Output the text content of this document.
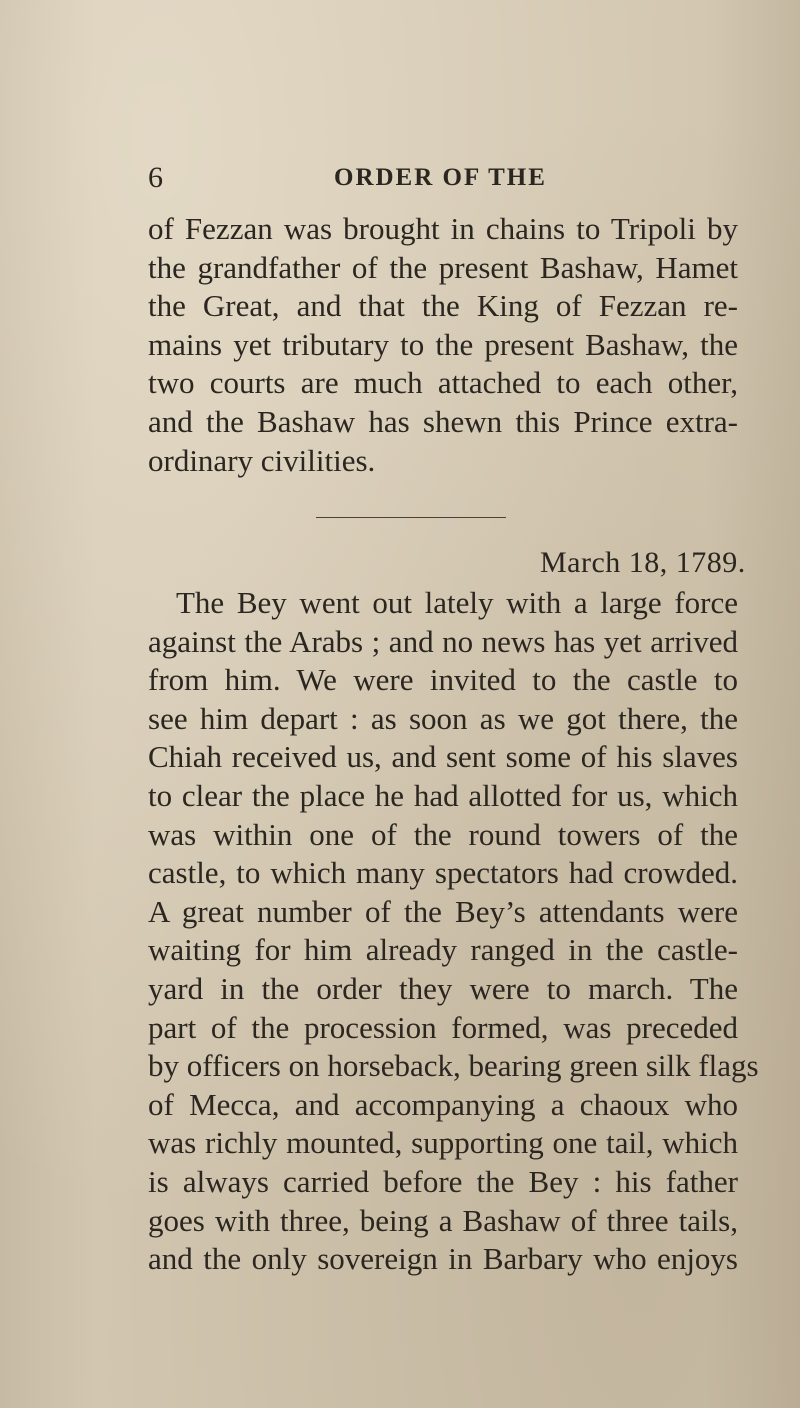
6	ORDER OF THE
of Fezzan was brought in chains to Tripoli by
the grandfather of the present Bashaw, Hamet
the Great, and that the King of Fezzan re-
mains yet tributary to the present Bashaw, the
two courts are much attached to each other,
and the Bashaw has shewn this Prince extra-
ordinary civilities.
March 18, 1789.
The Bey went out lately with a large force
against the Arabs ; and no news has yet arrived
from him. We were invited to the castle to
see him depart : as soon as we got there, the
Chiah received us, and sent some of his slaves
to clear the place he had allotted for us, which
was within one of the round towers of the
castle, to which many spectators had crowded.
A great number of the Bey’s attendants were
waiting for him already ranged in the castle-
yard in the order they were to march. The
part of the procession formed, was preceded
by officers on horseback, bearing green silk flags
of Mecca, and accompanying a chaoux who
was richly mounted, supporting one tail, which
is always carried before the Bey : his father
goes with three, being a Bashaw of three tails,
and the only sovereign in Barbary who enjoys
